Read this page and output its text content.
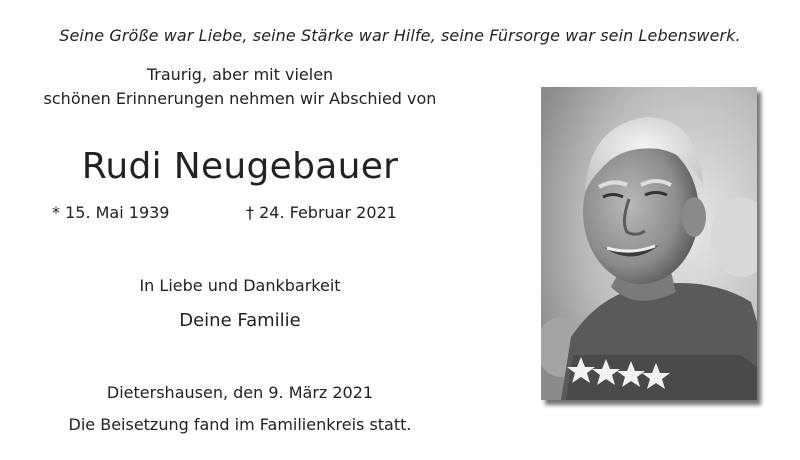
Seine Größe war Liebe, seine Stärke war Hilfe, seine Fürsorge war sein Lebenswerk.
Traurig, aber mit vielen
schönen Erinnerungen nehmen wir Abschied von
Rudi Neugebauer
* 15. Mai 1939	† 24. Februar 2021
In Liebe und Dankbarkeit
Deine Familie
Dietershausen, den 9. März 2021
Die Beisetzung fand im Familienkreis statt.
